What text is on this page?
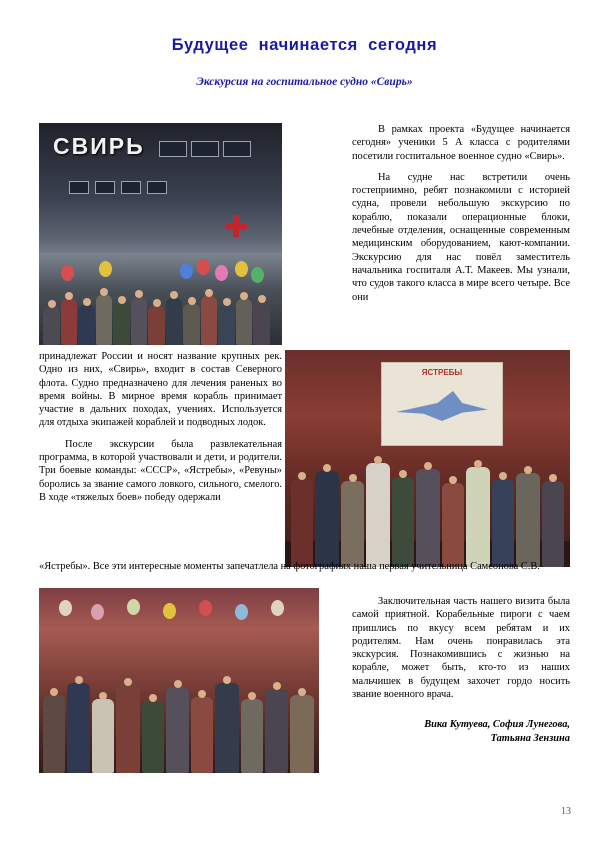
Будущее начинается сегодня
Экскурсия на госпитальное судно «Свирь»
СВИРЬ

В рамках проекта «Будущее начинается сегодня» ученики 5 А класса с родителями посетили госпитальное военное судно «Свирь».

На судне нас встретили очень гостеприимно, ребят познакомили с историей судна, провели небольшую экскурсию по кораблю, показали операционные блоки, лечебные отделения, оснащенные современным медицинским оборудованием, кают-компании. Экскурсию для нас повёл заместитель начальника госпиталя А.Т. Макеев. Мы узнали, что судов такого класса в мире всего четыре. Все они

ЯСТРЕБЫ

принадлежат России и носят название крупных рек. Одно из них, «Свирь», входит в состав Северного флота. Судно предназначено для лечения раненых во время войны. В мирное время корабль принимает участие в дальних походах, учениях. Используется для отдыха экипажей кораблей и подводных лодок.

После экскурсии была развлекательная программа, в которой участвовали и дети, и родители. Три боевые команды: «СССР», «Ястребы», «Ревуны» боролись за звание самого ловкого, сильного, смелого. В ходе «тяжелых боев» победу одержали

«Ястребы». Все эти интересные моменты запечатлела на фотографиях наша первая учительница Самсонова С.В.

Заключительная часть нашего визита была самой приятной. Корабельные пироги с чаем пришлись по вкусу всем ребятам и их родителям. Нам очень понравилась эта экскурсия. Познакомившись с жизнью на корабле, может быть, кто-то из наших мальчишек в будущем захочет гордо носить звание военного врача.

Вика Кутуева, София Лунегова,
Татьяна Зензина
13
